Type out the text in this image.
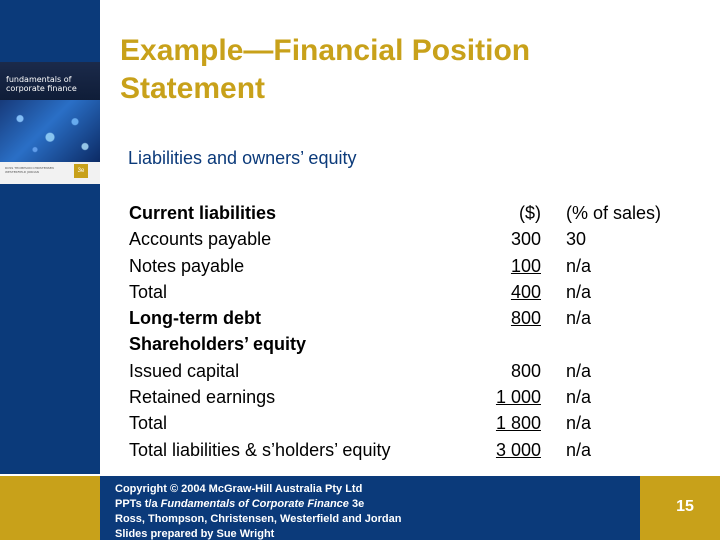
fundamentals of
corporate finance
ROSS THOMPSON CHRISTENSEN WESTERFIELD JORDAN	3e
Example—Financial Position
Statement
Liabilities and owners’ equity
Current liabilities	($) (% of sales)
Accounts payable	300 30
Notes payable	100 n/a
Total	400 n/a
Long-term debt	800 n/a
Shareholders’ equity
Issued capital	800 n/a
Retained earnings	1 000 n/a
Total	1 800 n/a
Total liabilities & s’holders’ equity	3 000 n/a
Copyright © 2004 McGraw-Hill Australia Pty Ltd
PPTs t/a Fundamentals of Corporate Finance 3e
Ross, Thompson, Christensen, Westerfield and Jordan
Slides prepared by Sue Wright
15
